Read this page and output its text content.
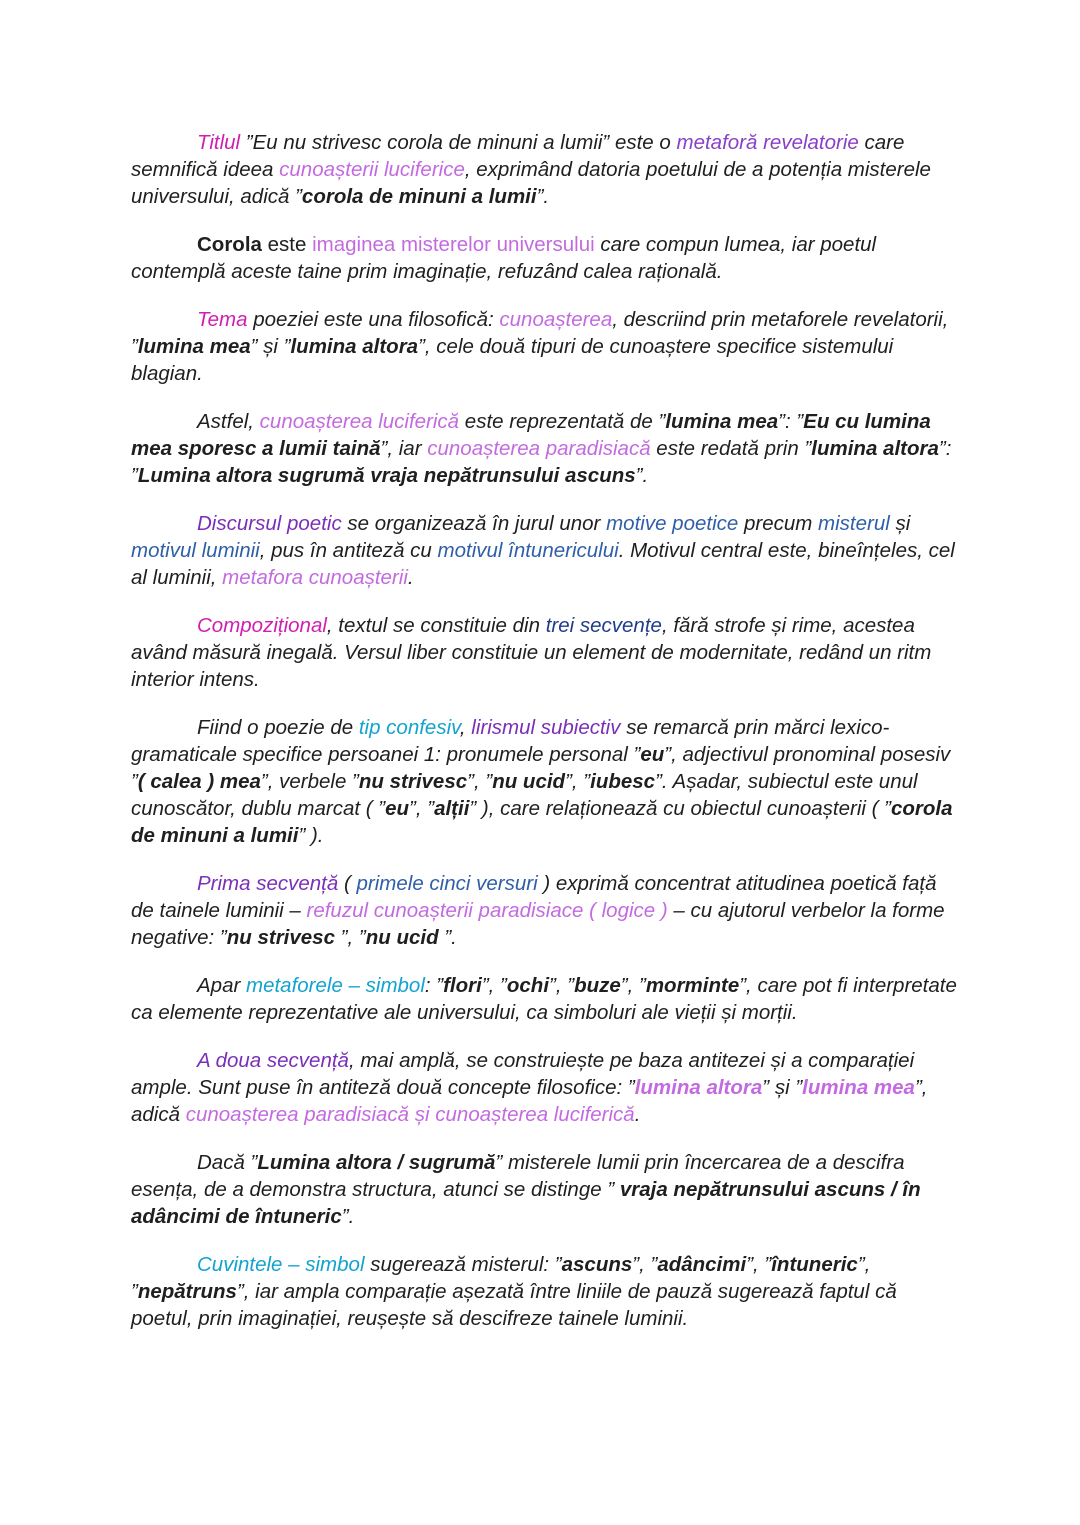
Titlul ”Eu nu strivesc corola de minuni a lumii” este o metaforă revelatorie care semnifică ideea cunoașterii luciferice, exprimând datoria poetului de a potenția misterele universului, adică ”corola de minuni a lumii”.

Corola este imaginea misterelor universului care compun lumea, iar poetul contemplă aceste taine prim imaginație, refuzând calea rațională.

Tema poeziei este una filosofică: cunoașterea, descriind prin metaforele revelatorii, ”lumina mea” și ”lumina altora”, cele două tipuri de cunoaștere specifice sistemului blagian.

Astfel, cunoașterea luciferică este reprezentată de ”lumina mea”: ”Eu cu lumina mea sporesc a lumii taină”, iar cunoașterea paradisiacă este redată prin ”lumina altora”: ”Lumina altora sugrumă vraja nepătrunsului ascuns”.

Discursul poetic se organizează în jurul unor motive poetice precum misterul și motivul luminii, pus în antiteză cu motivul întunericului. Motivul central este, bineînțeles, cel al luminii, metafora cunoașterii.

Compozițional, textul se constituie din trei secvențe, fără strofe și rime, acestea având măsură inegală. Versul liber constituie un element de modernitate, redând un ritm interior intens.

Fiind o poezie de tip confesiv, lirismul subiectiv se remarcă prin mărci lexico-gramaticale specifice persoanei 1: pronumele personal ”eu”, adjectivul pronominal posesiv ”( calea ) mea”, verbele ”nu strivesc”, ”nu ucid”, ”iubesc”. Așadar, subiectul este unul cunoscător, dublu marcat ( ”eu”, ”alții” ), care relaționează cu obiectul cunoașterii ( ”corola de minuni a lumii” ).

Prima secvență ( primele cinci versuri ) exprimă concentrat atitudinea poetică față de tainele luminii – refuzul cunoașterii paradisiace ( logice ) – cu ajutorul verbelor la forme negative: ”nu strivesc ”, ”nu ucid ”.

Apar metaforele – simbol: ”flori”, ”ochi”, ”buze”, ”morminte”, care pot fi interpretate ca elemente reprezentative ale universului, ca simboluri ale vieții și morții.

A doua secvență, mai amplă, se construiește pe baza antitezei și a comparației ample. Sunt puse în antiteză două concepte filosofice: ”lumina altora” și ”lumina mea”, adică cunoașterea paradisiacă și cunoașterea luciferică.

Dacă ”Lumina altora / sugrumă” misterele lumii prin încercarea de a descifra esența, de a demonstra structura, atunci se distinge ” vraja nepătrunsului ascuns / în adâncimi de întuneric”.

Cuvintele – simbol sugerează misterul: ”ascuns”, ”adâncimi”, ”întuneric”, ”nepătruns”, iar ampla comparație așezată între liniile de pauză sugerează faptul că poetul, prin imaginației, reușește să descifreze tainele luminii.
